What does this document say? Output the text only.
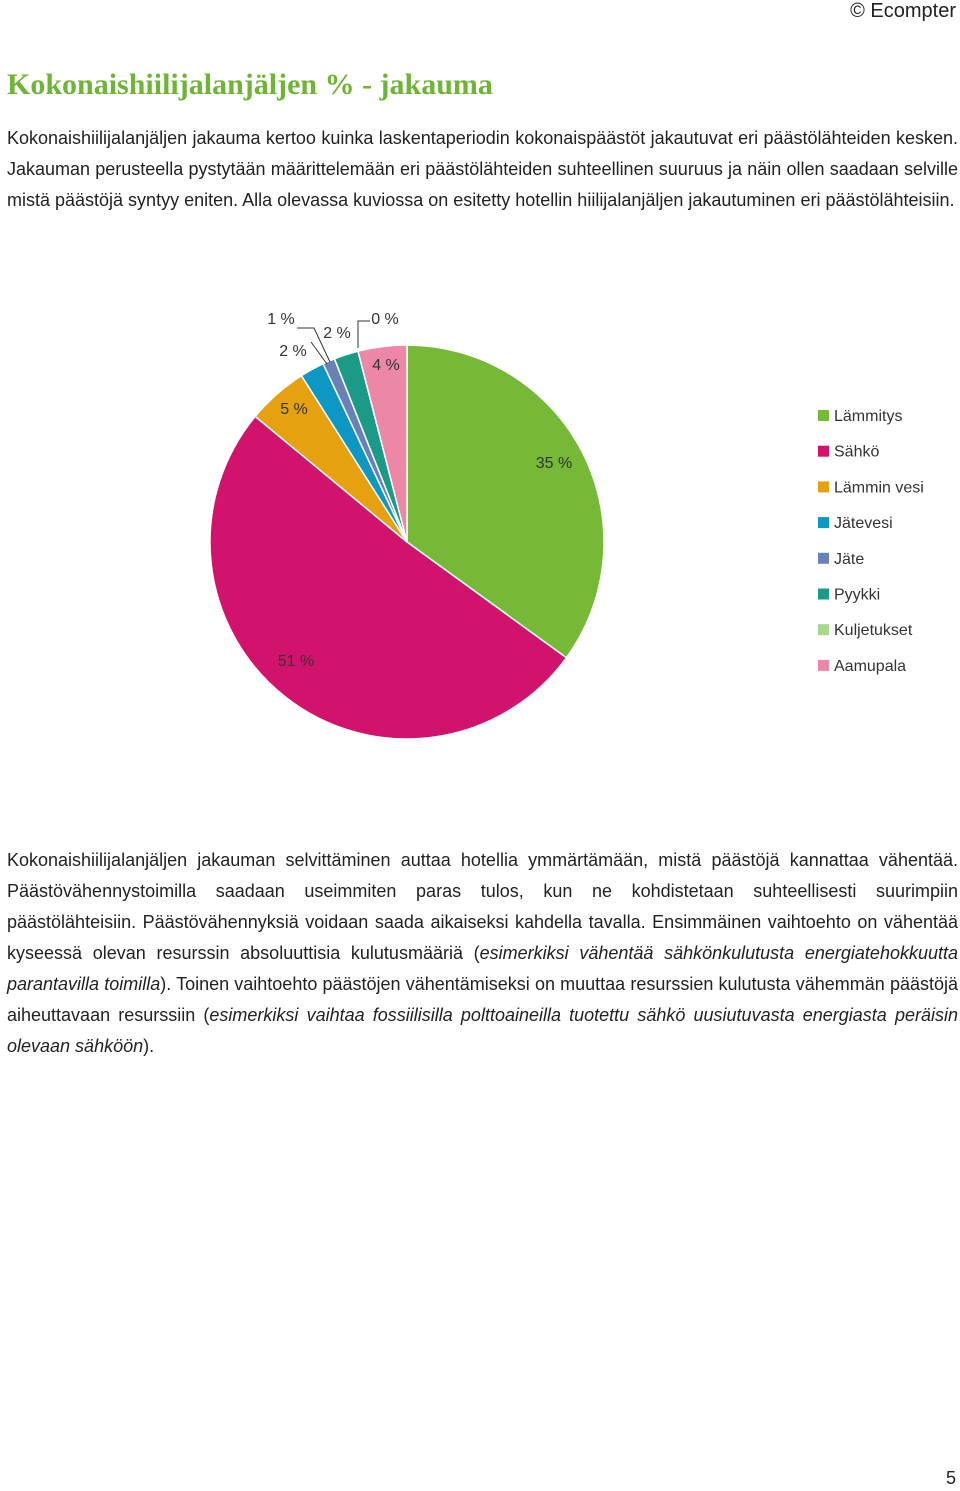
© Ecompter
Kokonaishiilijalanjäljen % - jakauma

Kokonaishiilijalanjäljen jakauma kertoo kuinka laskentaperiodin kokonaispäästöt jakautuvat eri päästölähteiden kesken. Jakauman perusteella pystytään määrittelemään eri päästölähteiden suhteellinen suuruus ja näin ollen saadaan selville mistä päästöjä syntyy eniten. Alla olevassa kuviossa on esitetty hotellin hiilijalanjäljen jakautuminen eri päästölähteisiin.

35 %
51 %
5 %
2 %
1 %
2 %
0 %
4 %
Lämmitys
Sähkö
Lämmin vesi
Jätevesi
Jäte
Pyykki
Kuljetukset
Aamupala

Kokonaishiilijalanjäljen jakauman selvittäminen auttaa hotellia ymmärtämään, mistä päästöjä kannattaa vähentää. Päästövähennystoimilla saadaan useimmiten paras tulos, kun ne kohdistetaan suhteellisesti suurimpiin päästölähteisiin. Päästövähennyksiä voidaan saada aikaiseksi kahdella tavalla. Ensimmäinen vaihtoehto on vähentää kyseessä olevan resurssin absoluuttisia kulutusmääriä (esimerkiksi vähentää sähkönkulutusta energiatehokkuutta parantavilla toimilla). Toinen vaihtoehto päästöjen vähentämiseksi on muuttaa resurssien kulutusta vähemmän päästöjä aiheuttavaan resurssiin (esimerkiksi vaihtaa fossiilisilla polttoaineilla tuotettu sähkö uusiutuvasta energiasta peräisin olevaan sähköön).

5
